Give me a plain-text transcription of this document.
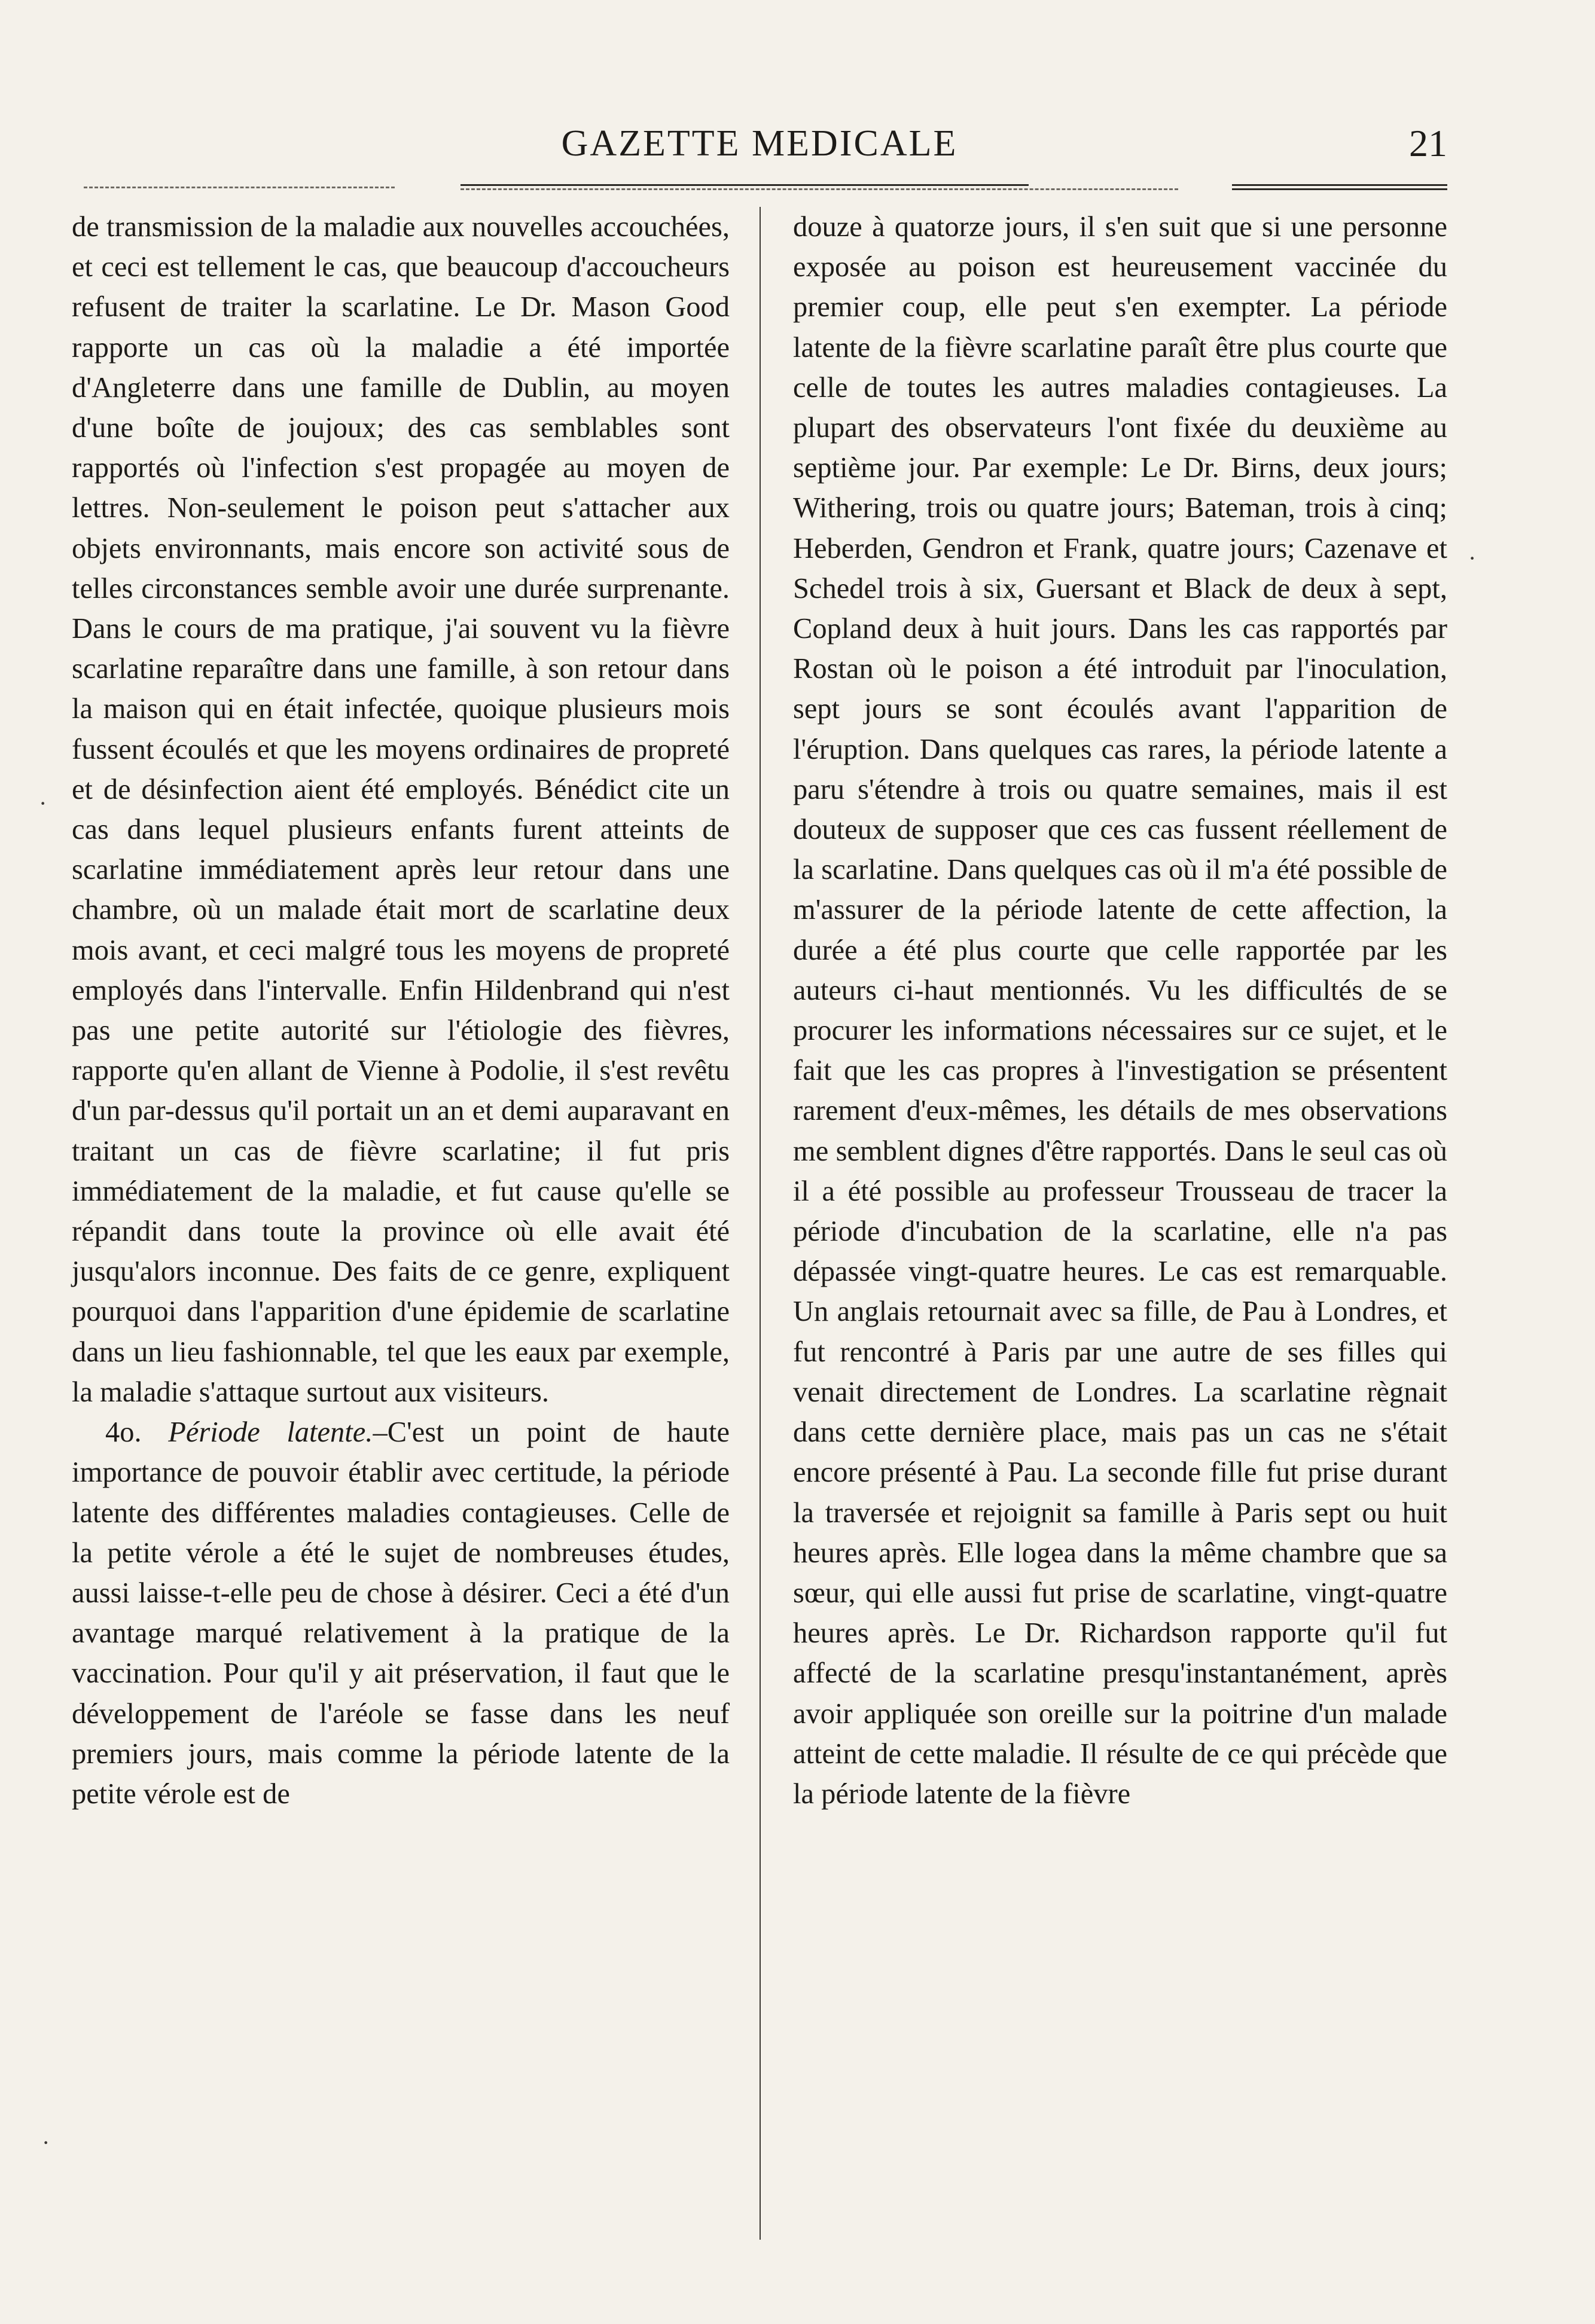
GAZETTE MEDICALE	21

de transmission de la maladie aux nouvelles accouchées, et ceci est tellement le cas, que beaucoup d'accoucheurs refusent de traiter la scarlatine. Le Dr. Mason Good rapporte un cas où la maladie a été importée d'Angleterre dans une famille de Dublin, au moyen d'une boîte de joujoux; des cas semblables sont rapportés où l'infection s'est propagée au moyen de lettres. Non-seulement le poison peut s'attacher aux objets environnants, mais encore son activité sous de telles circonstances semble avoir une durée surprenante. Dans le cours de ma pratique, j'ai souvent vu la fièvre scarlatine reparaître dans une famille, à son retour dans la maison qui en était infectée, quoique plusieurs mois fussent écoulés et que les moyens ordinaires de propreté et de désinfection aient été employés. Bénédict cite un cas dans lequel plusieurs enfants furent atteints de scarlatine immédiatement après leur retour dans une chambre, où un malade était mort de scarlatine deux mois avant, et ceci malgré tous les moyens de propreté employés dans l'intervalle. Enfin Hildenbrand qui n'est pas une petite autorité sur l'étiologie des fièvres, rapporte qu'en allant de Vienne à Podolie, il s'est revêtu d'un par-dessus qu'il portait un an et demi auparavant en traitant un cas de fièvre scarlatine; il fut pris immédiatement de la maladie, et fut cause qu'elle se répandit dans toute la province où elle avait été jusqu'alors inconnue. Des faits de ce genre, expliquent pourquoi dans l'apparition d'une épidemie de scarlatine dans un lieu fashionnable, tel que les eaux par exemple, la maladie s'attaque surtout aux visiteurs.

4o. Période latente.–C'est un point de haute importance de pouvoir établir avec certitude, la période latente des différentes maladies contagieuses. Celle de la petite vérole a été le sujet de nombreuses études, aussi laisse-t-elle peu de chose à désirer. Ceci a été d'un avantage marqué relativement à la pratique de la vaccination. Pour qu'il y ait préservation, il faut que le développement de l'aréole se fasse dans les neuf premiers jours, mais comme la période latente de la petite vérole est de

douze à quatorze jours, il s'en suit que si une personne exposée au poison est heureusement vaccinée du premier coup, elle peut s'en exempter. La période latente de la fièvre scarlatine paraît être plus courte que celle de toutes les autres maladies contagieuses. La plupart des observateurs l'ont fixée du deuxième au septième jour. Par exemple: Le Dr. Birns, deux jours; Withering, trois ou quatre jours; Bateman, trois à cinq; Heberden, Gendron et Frank, quatre jours; Cazenave et Schedel trois à six, Guersant et Black de deux à sept, Copland deux à huit jours. Dans les cas rapportés par Rostan où le poison a été introduit par l'inoculation, sept jours se sont écoulés avant l'apparition de l'éruption. Dans quelques cas rares, la période latente a paru s'étendre à trois ou quatre semaines, mais il est douteux de supposer que ces cas fussent réellement de la scarlatine. Dans quelques cas où il m'a été possible de m'assurer de la période latente de cette affection, la durée a été plus courte que celle rapportée par les auteurs ci-haut mentionnés. Vu les difficultés de se procurer les informations nécessaires sur ce sujet, et le fait que les cas propres à l'investigation se présentent rarement d'eux-mêmes, les détails de mes observations me semblent dignes d'être rapportés. Dans le seul cas où il a été possible au professeur Trousseau de tracer la période d'incubation de la scarlatine, elle n'a pas dépassée vingt-quatre heures. Le cas est remarquable. Un anglais retournait avec sa fille, de Pau à Londres, et fut rencontré à Paris par une autre de ses filles qui venait directement de Londres. La scarlatine règnait dans cette dernière place, mais pas un cas ne s'était encore présenté à Pau. La seconde fille fut prise durant la traversée et rejoignit sa famille à Paris sept ou huit heures après. Elle logea dans la même chambre que sa sœur, qui elle aussi fut prise de scarlatine, vingt-quatre heures après. Le Dr. Richardson rapporte qu'il fut affecté de la scarlatine presqu'instantanément, après avoir appliquée son oreille sur la poitrine d'un malade atteint de cette maladie. Il résulte de ce qui précède que la période latente de la fièvre

·
·
·
